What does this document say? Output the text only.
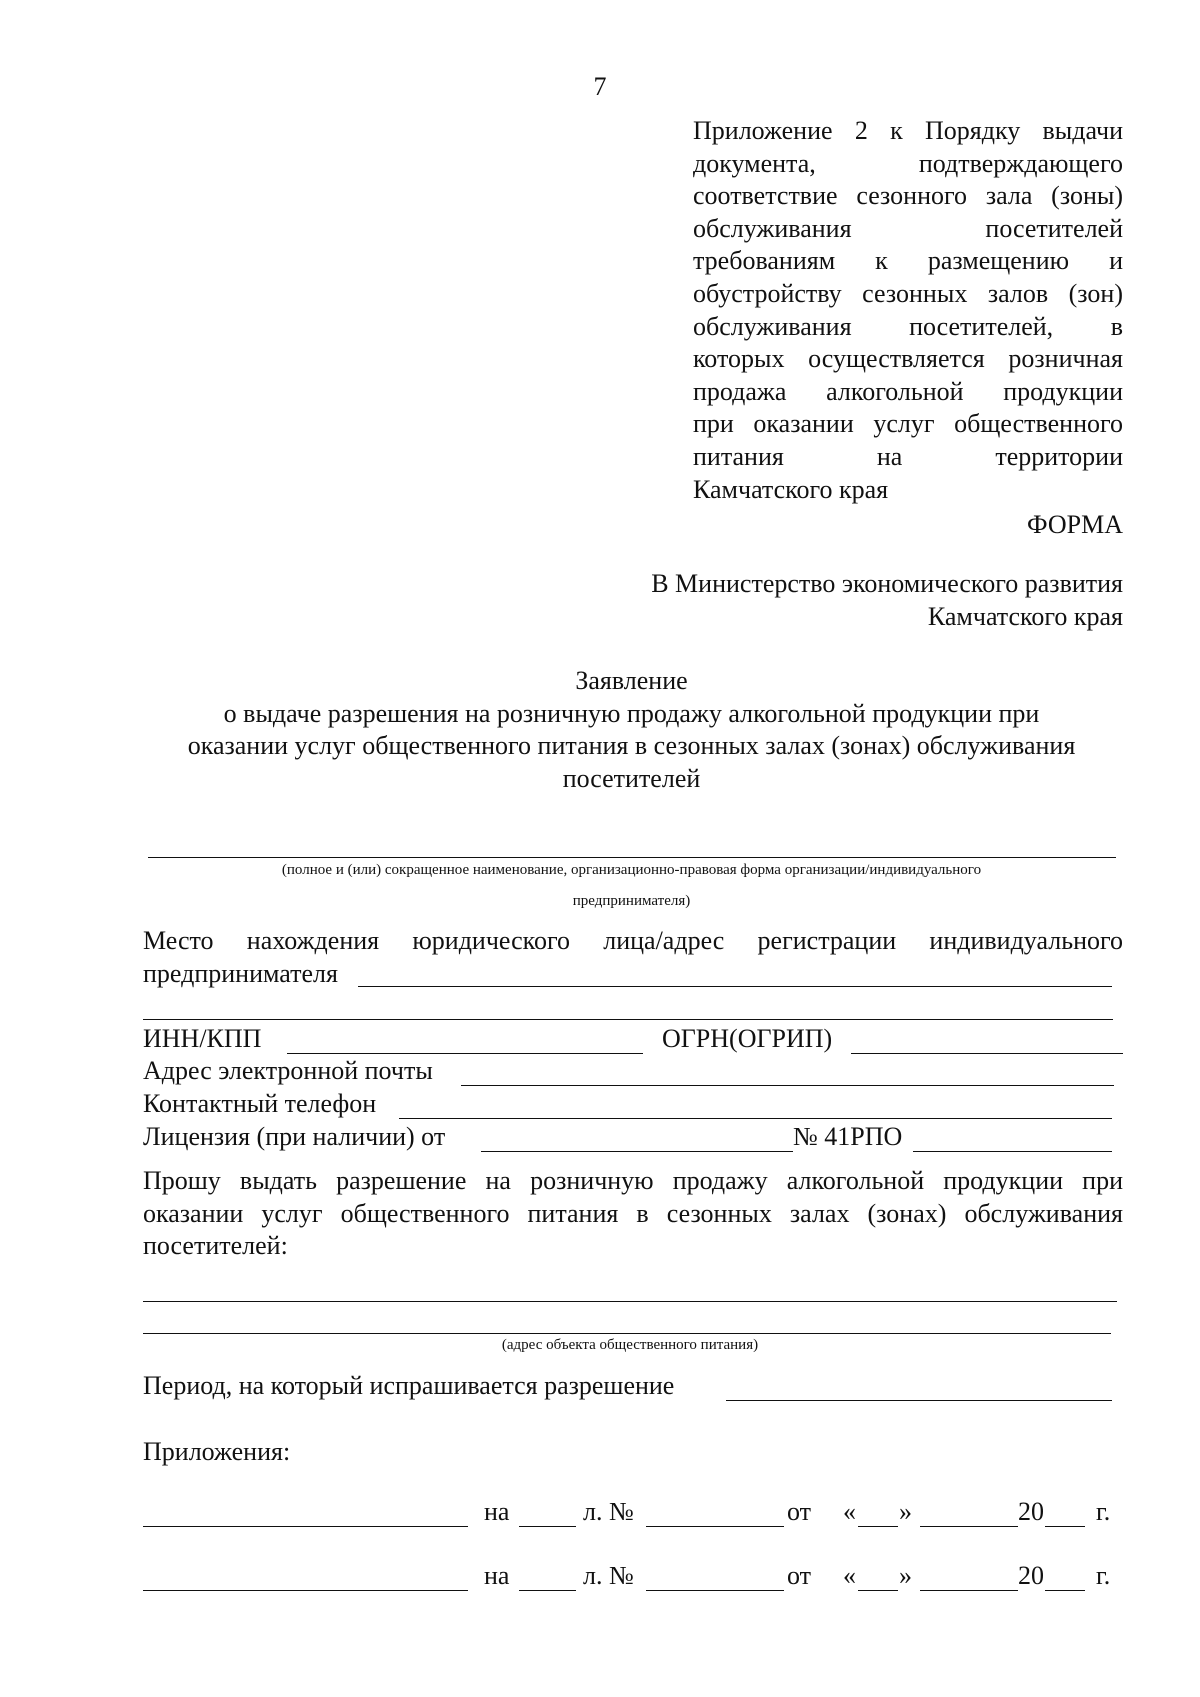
7
Приложение 2 к Порядку выдачи
документа, подтверждающего
соответствие сезонного зала (зоны)
обслуживания посетителей
требованиям к размещению и
обустройству сезонных залов (зон)
обслуживания посетителей, в
которых осуществляется розничная
продажа алкогольной продукции
при оказании услуг общественного
питания на территории
Камчатского края
ФОРМА
В Министерство экономического развития
Камчатского края
Заявление
о выдаче разрешения на розничную продажу алкогольной продукции при
оказании услуг общественного питания в сезонных залах (зонах) обслуживания
посетителей
(полное и (или) сокращенное наименование, организационно-правовая форма организации/индивидуального
предпринимателя)
Место нахождения юридического лица/адрес регистрации индивидуального
предпринимателя
ИНН/КПП	ОГРН(ОГРИП)
Адрес электронной почты
Контактный телефон
Лицензия (при наличии) от	№ 41РПО
Прошу выдать разрешение на розничную продажу алкогольной продукции при
оказании услуг общественного питания в сезонных залах (зонах) обслуживания
посетителей:
(адрес объекта общественного питания)
Период, на который испрашивается разрешение
Приложения:
на	л. №	от « »	20 г.
на	л. №	от « »	20 г.
